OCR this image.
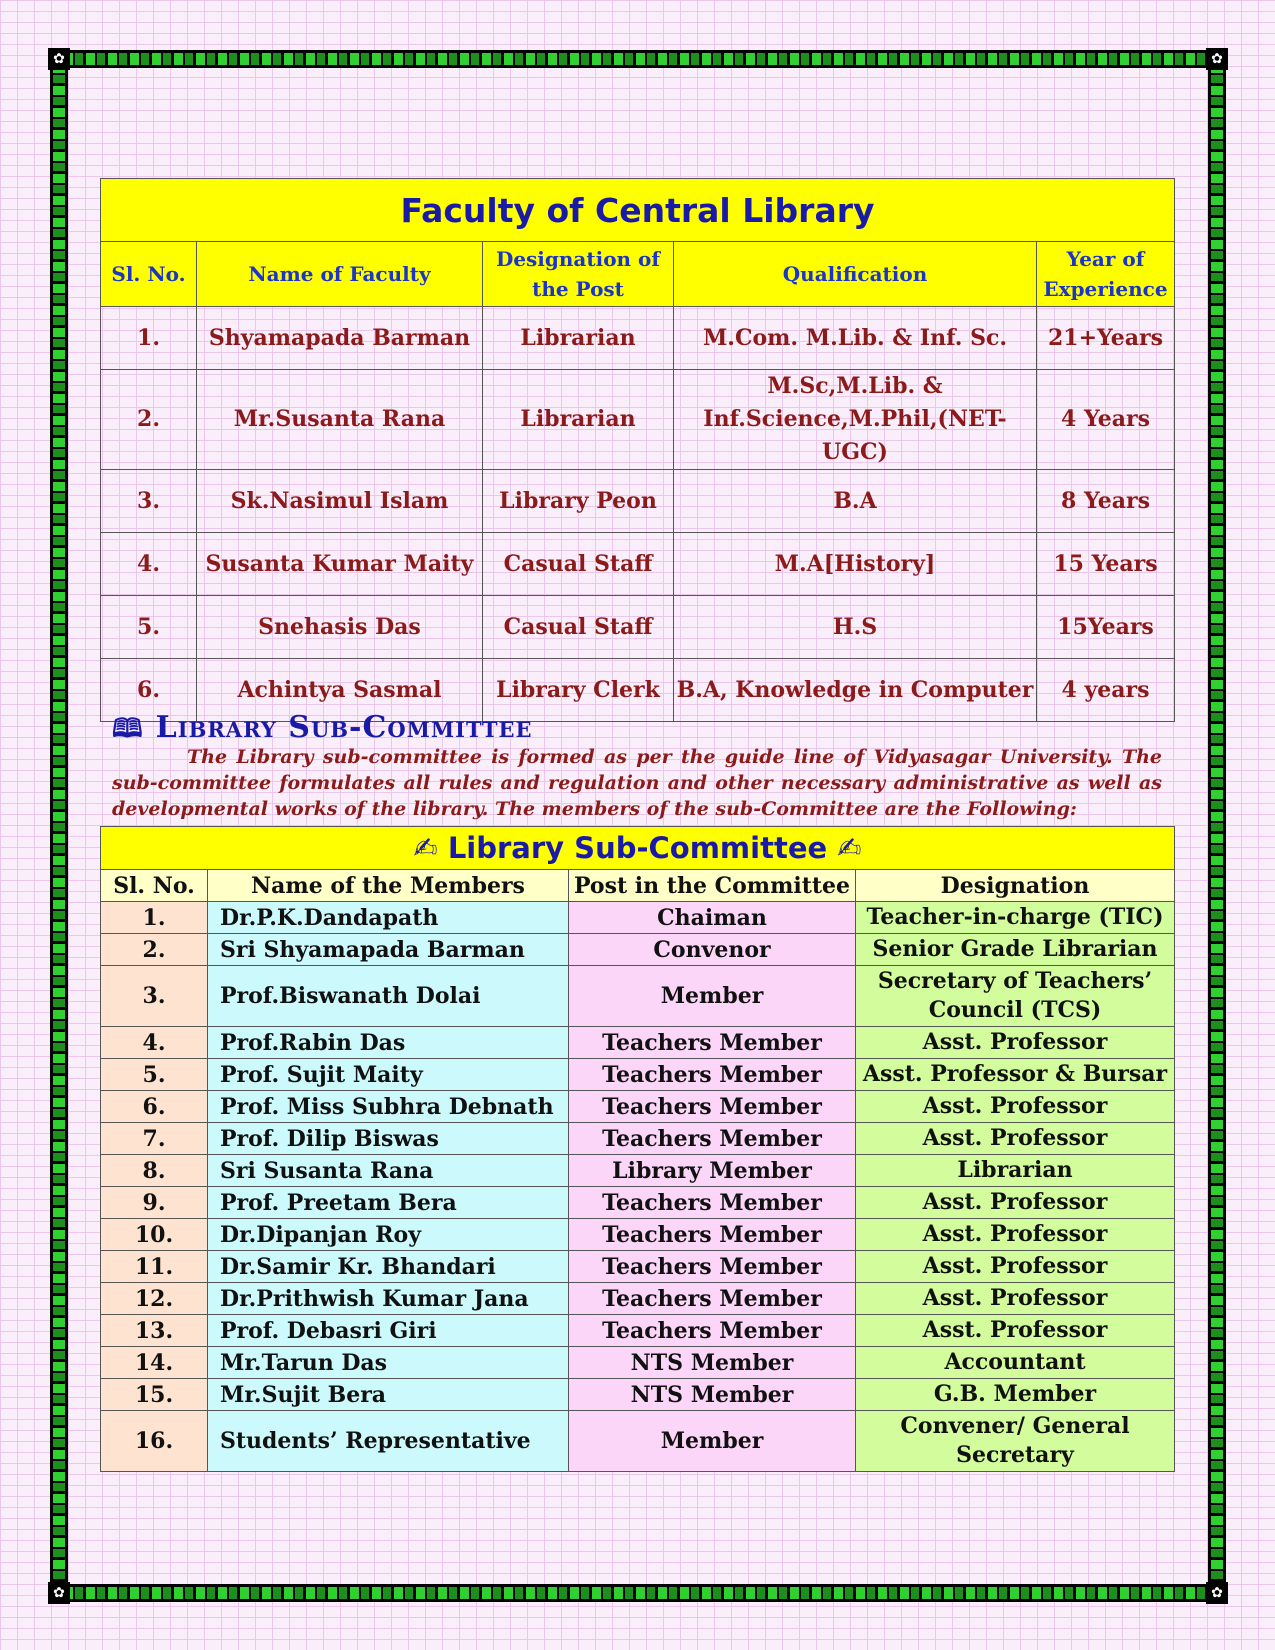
✿	✿
✿	✿
Faculty of Central Library				
Sl. No.	Name of Faculty	Designation of the Post	Qualification	Year of Experience
1.	Shyamapada Barman	Librarian	M.Com. M.Lib. & Inf. Sc.	21+Years
2.	Mr.Susanta Rana	Librarian	M.Sc,M.Lib. & Inf.Science,M.Phil,(NET-UGC)	4 Years
3.	Sk.Nasimul Islam	Library Peon	B.A	8 Years
4.	Susanta Kumar Maity	Casual Staff	M.A[History]	15 Years
5.	Snehasis Das	Casual Staff	H.S	15Years
6.	Achintya Sasmal	Library Clerk	B.A, Knowledge in Computer	4 years
🕮 Library Sub-Committee
The Library sub-committee is formed as per the guide line of Vidyasagar University. The sub-committee formulates all rules and regulation and other necessary administrative as well as developmental works of the library. The members of the sub-Committee are the Following:
✍ Library Sub-Committee ✍			
Sl. No.	Name of the Members	Post in the Committee	Designation
1.	Dr.P.K.Dandapath	Chaiman	Teacher-in-charge (TIC)
2.	Sri Shyamapada Barman	Convenor	Senior Grade Librarian
3.	Prof.Biswanath Dolai	Member	Secretary of Teachers’ Council (TCS)
4.	Prof.Rabin Das	Teachers Member	Asst. Professor
5.	Prof. Sujit Maity	Teachers Member	Asst. Professor & Bursar
6.	Prof. Miss Subhra Debnath	Teachers Member	Asst. Professor
7.	Prof. Dilip Biswas	Teachers Member	Asst. Professor
8.	Sri Susanta Rana	Library Member	Librarian
9.	Prof. Preetam Bera	Teachers Member	Asst. Professor
10.	Dr.Dipanjan Roy	Teachers Member	Asst. Professor
11.	Dr.Samir Kr. Bhandari	Teachers Member	Asst. Professor
12.	Dr.Prithwish Kumar Jana	Teachers Member	Asst. Professor
13.	Prof. Debasri Giri	Teachers Member	Asst. Professor
14.	Mr.Tarun Das	NTS Member	Accountant
15.	Mr.Sujit Bera	NTS Member	G.B. Member
16.	Students’ Representative	Member	Convener/ General Secretary
